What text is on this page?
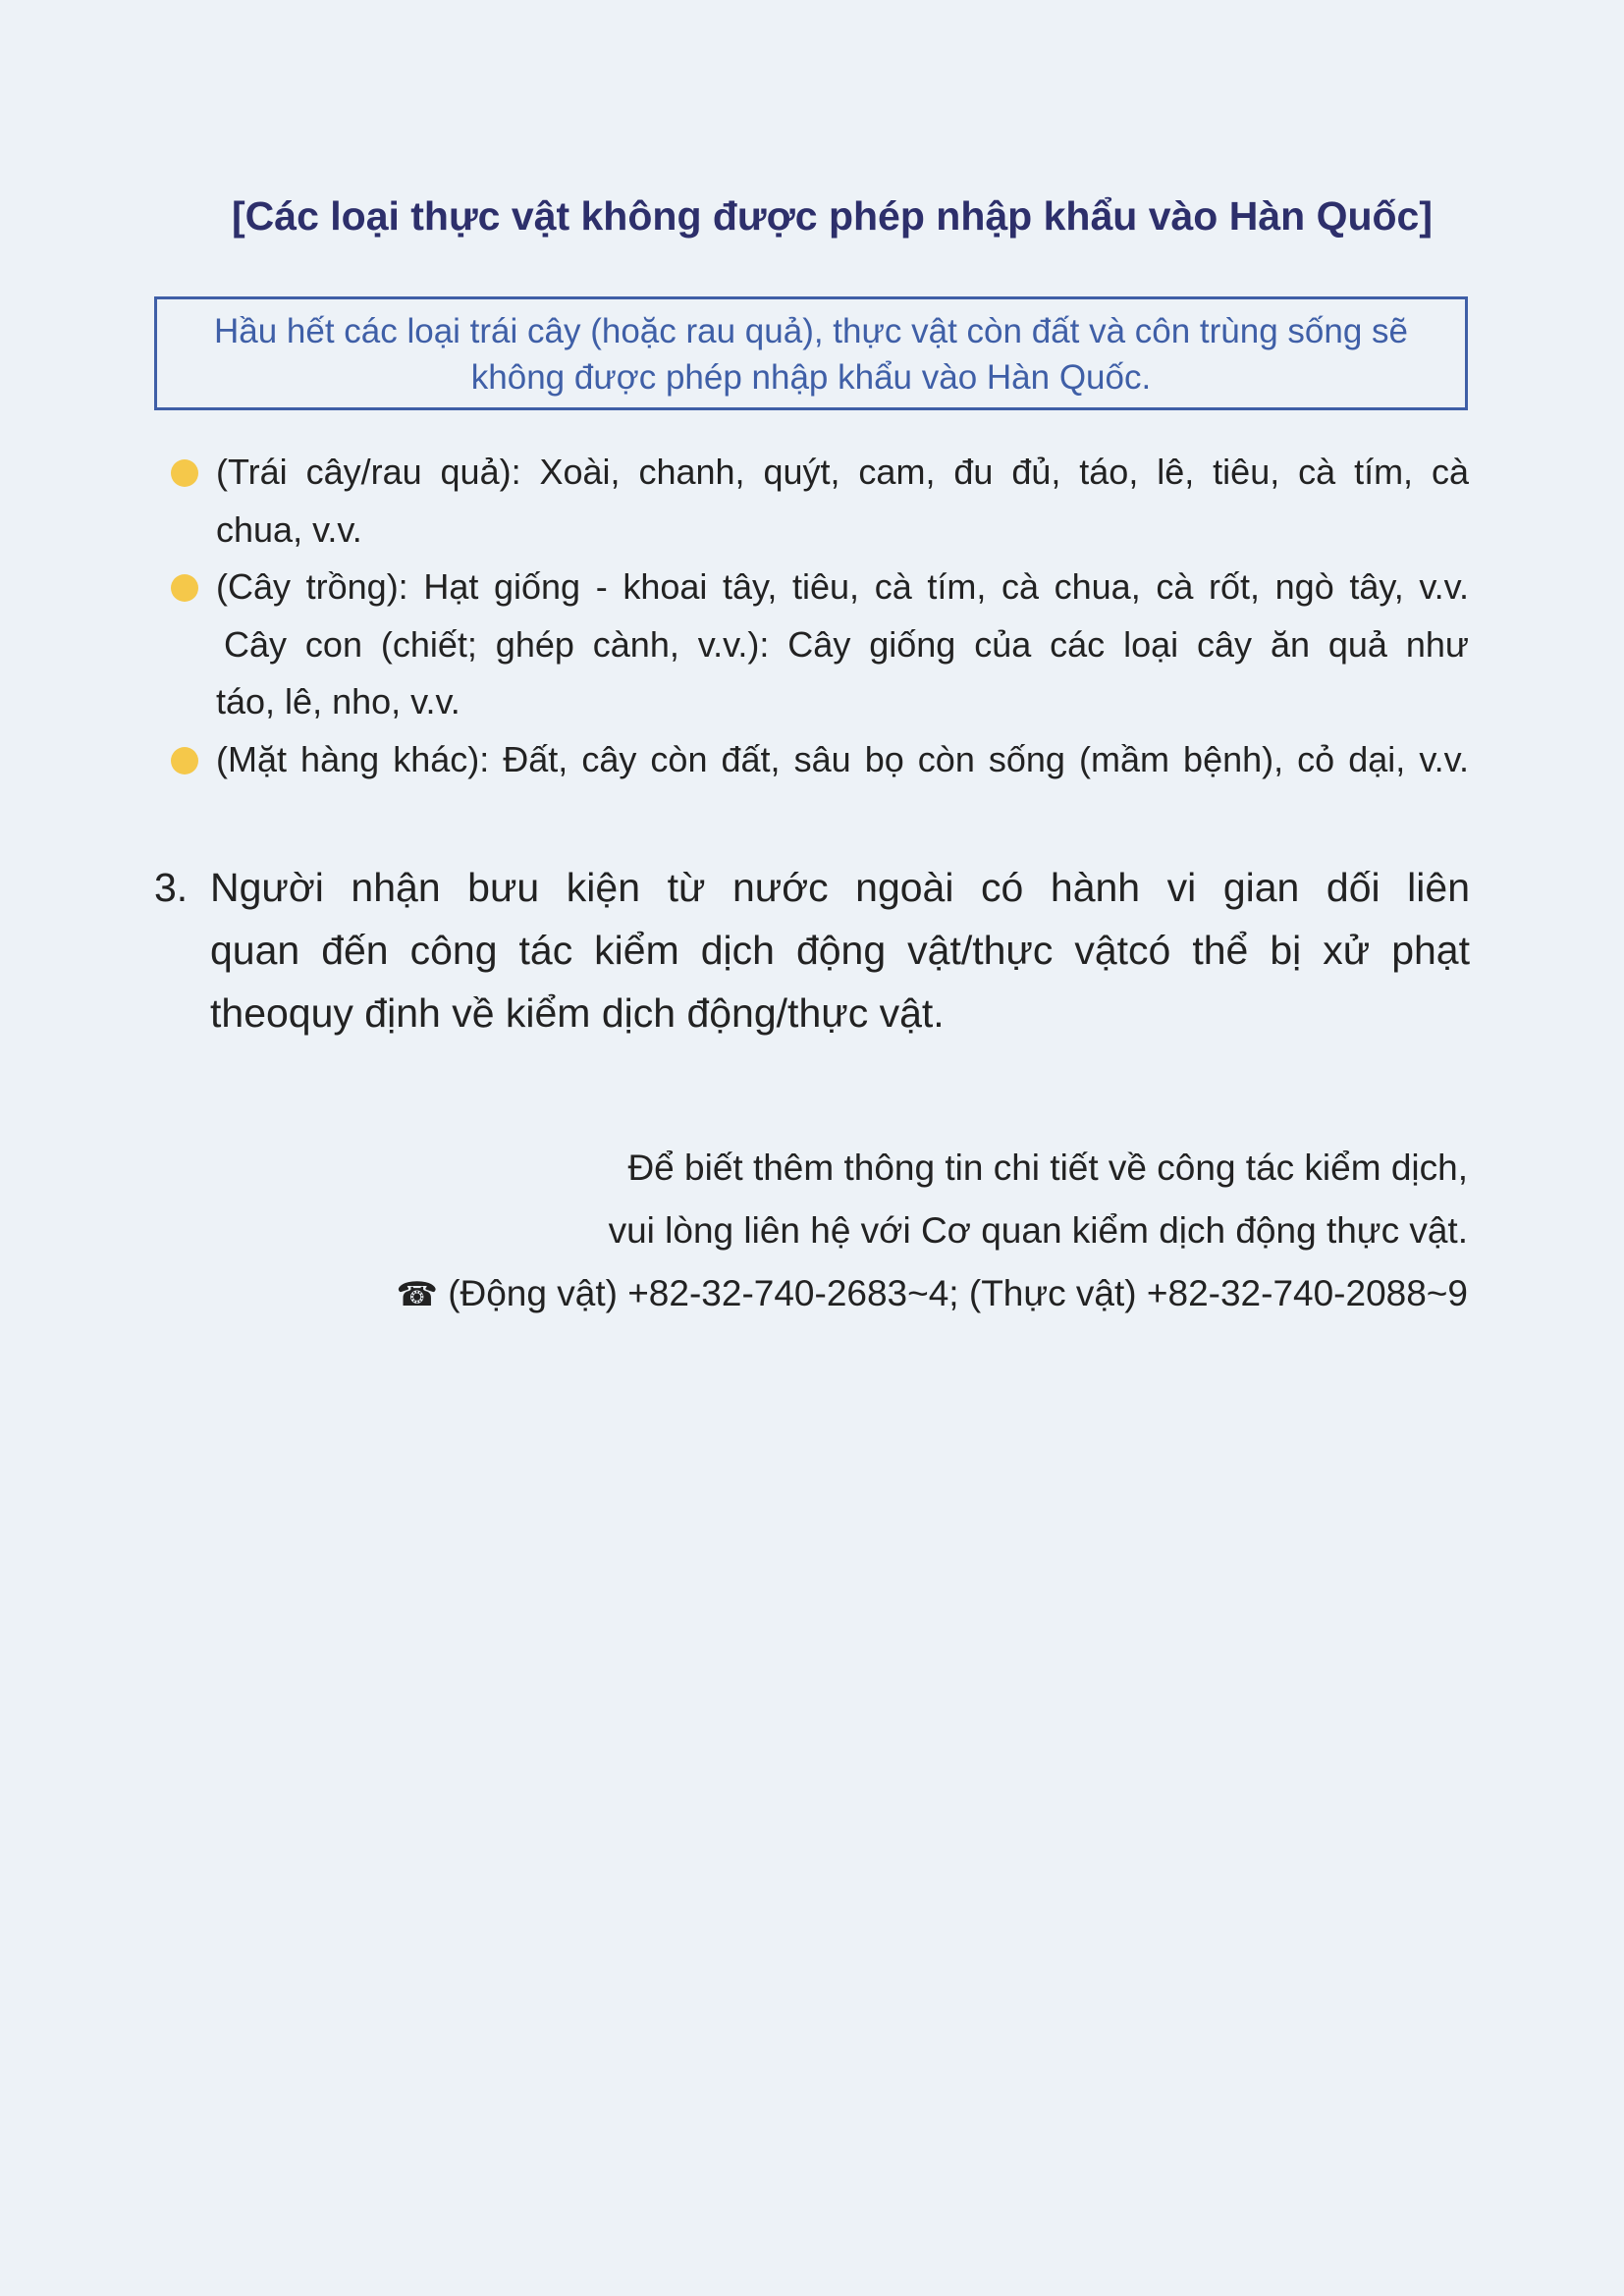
[Các loại thực vật không được phép nhập khẩu vào Hàn Quốc]
Hầu hết các loại trái cây (hoặc rau quả), thực vật còn đất và côn trùng sống sẽ
không được phép nhập khẩu vào Hàn Quốc.
(Trái cây/rau quả): Xoài, chanh, quýt, cam, đu đủ, táo, lê, tiêu, cà tím, cà
chua, v.v.
(Cây trồng): Hạt giống - khoai tây, tiêu, cà tím, cà chua, cà rốt, ngò tây, v.v.
Cây con (chiết; ghép cành, v.v.): Cây giống của các loại cây ăn quả như
táo, lê, nho, v.v.
(Mặt hàng khác): Đất, cây còn đất, sâu bọ còn sống (mầm bệnh), cỏ dại, v.v.
3. Người nhận bưu kiện từ nước ngoài có hành vi gian dối liên
quan đến công tác kiểm dịch động vật/thực vậtcó thể bị xử phạt
theoquy định về kiểm dịch động/thực vật.
Để biết thêm thông tin chi tiết về công tác kiểm dịch,
vui lòng liên hệ với Cơ quan kiểm dịch động thực vật.
☎ (Động vật) +82-32-740-2683~4; (Thực vật) +82-32-740-2088~9
